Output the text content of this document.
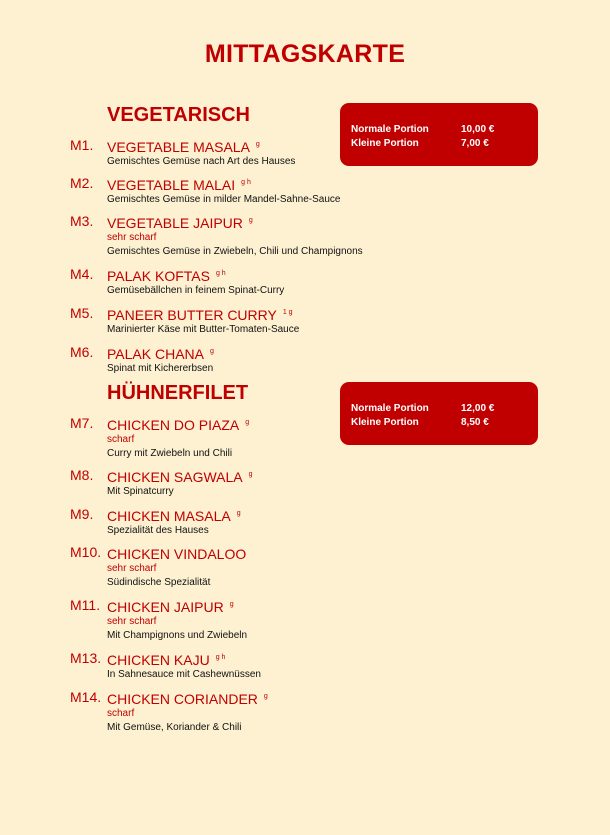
MITTAGSKARTE
VEGETARISCH
Normale Portion	10,00 €
Kleine Portion	7,00 €
M1. VEGETABLE MASALA $^g$
Gemischtes Gemüse nach Art des Hauses
M2. VEGETABLE MALAI $^{g h}$
Gemischtes Gemüse in milder Mandel-Sahne-Sauce
M3. VEGETABLE JAIPUR $^g$
sehr scharf
Gemischtes Gemüse in Zwiebeln, Chili und Champignons
M4. PALAK KOFTAS $^{g h}$
Gemüsebällchen in feinem Spinat-Curry
M5. PANEER BUTTER CURRY $^{1 g}$
Marinierter Käse mit Butter-Tomaten-Sauce
M6. PALAK CHANA $^g$
Spinat mit Kichererbsen
HÜHNERFILET
Normale Portion	12,00 €
Kleine Portion	8,50 €
M7. CHICKEN DO PIAZA $^g$
scharf
Curry mit Zwiebeln und Chili
M8. CHICKEN SAGWALA $^g$
Mit Spinatcurry
M9. CHICKEN MASALA $^g$
Spezialität des Hauses
M10. CHICKEN VINDALOO
sehr scharf
Südindische Spezialität
M11. CHICKEN JAIPUR $^g$
sehr scharf
Mit Champignons und Zwiebeln
M13. CHICKEN KAJU $^{g h}$
In Sahnesauce mit Cashewnüssen
M14. CHICKEN CORIANDER $^g$
scharf
Mit Gemüse, Koriander & Chili
